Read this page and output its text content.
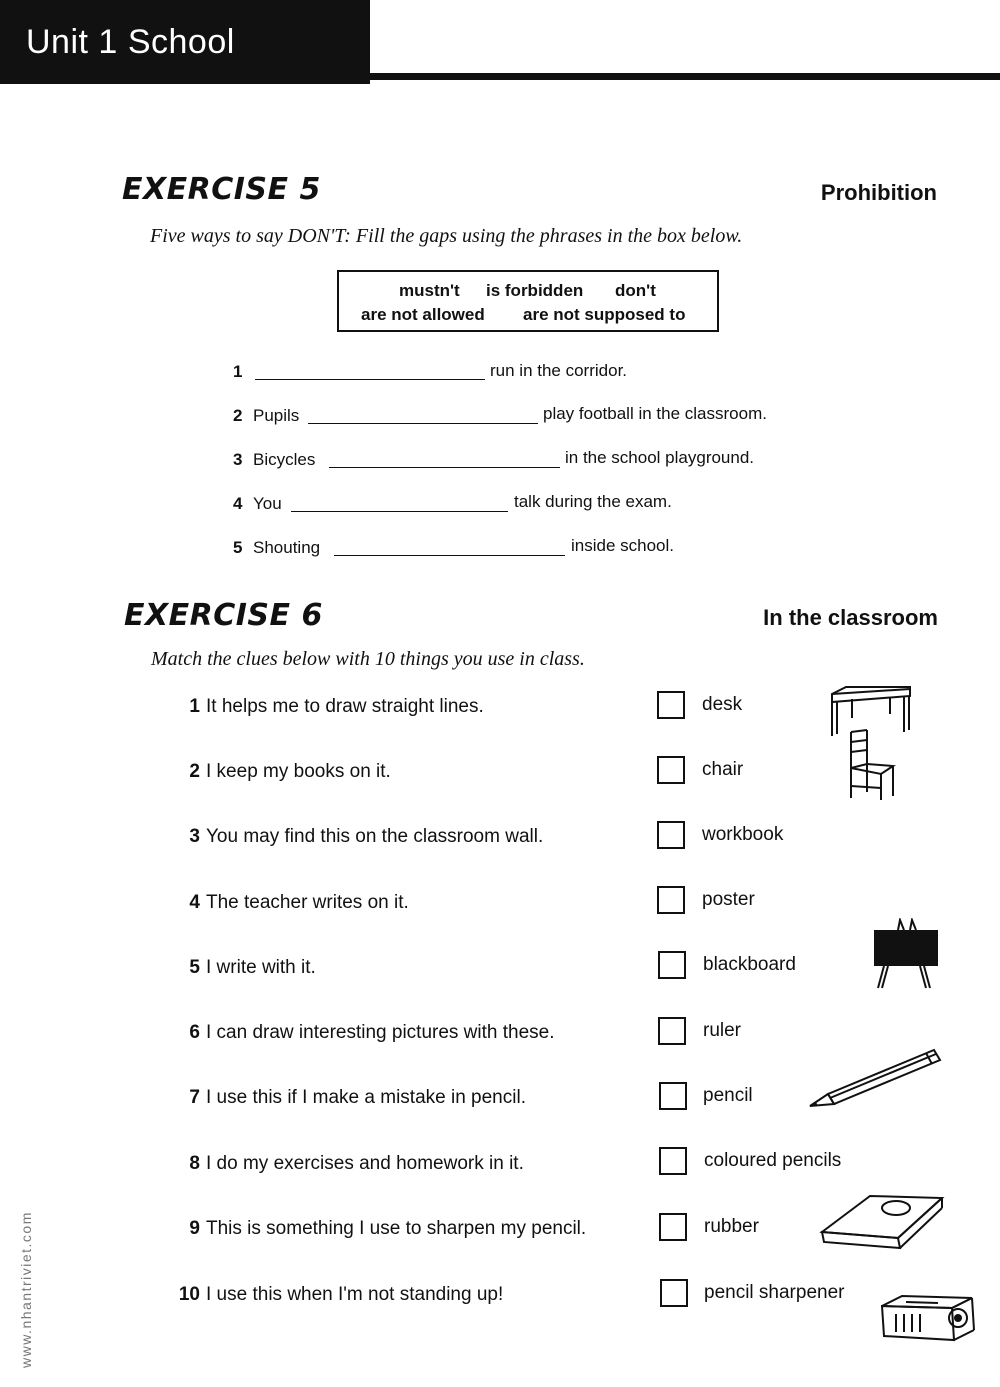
Unit 1 School
EXERCISE 5	Prohibition
Five ways to say DON'T: Fill the gaps using the phrases in the box below.
mustn't is forbidden don't
are not allowed are not supposed to
1	run in the corridor.
2 Pupils	play football in the classroom.
3 Bicycles	in the school playground.
4 You	talk during the exam.
5 Shouting	inside school.
EXERCISE 6	In the classroom
Match the clues below with 10 things you use in class.
1 It helps me to draw straight lines.
2 I keep my books on it.
3 You may find this on the classroom wall.
4 The teacher writes on it.
5 I write with it.
6 I can draw interesting pictures with these.
7 I use this if I make a mistake in pencil.
8 I do my exercises and homework in it.
9 This is something I use to sharpen my pencil.
10 I use this when I'm not standing up!
desk
chair
workbook
poster
blackboard
ruler
pencil
coloured pencils
rubber
pencil sharpener
www.nhantriviet.com
